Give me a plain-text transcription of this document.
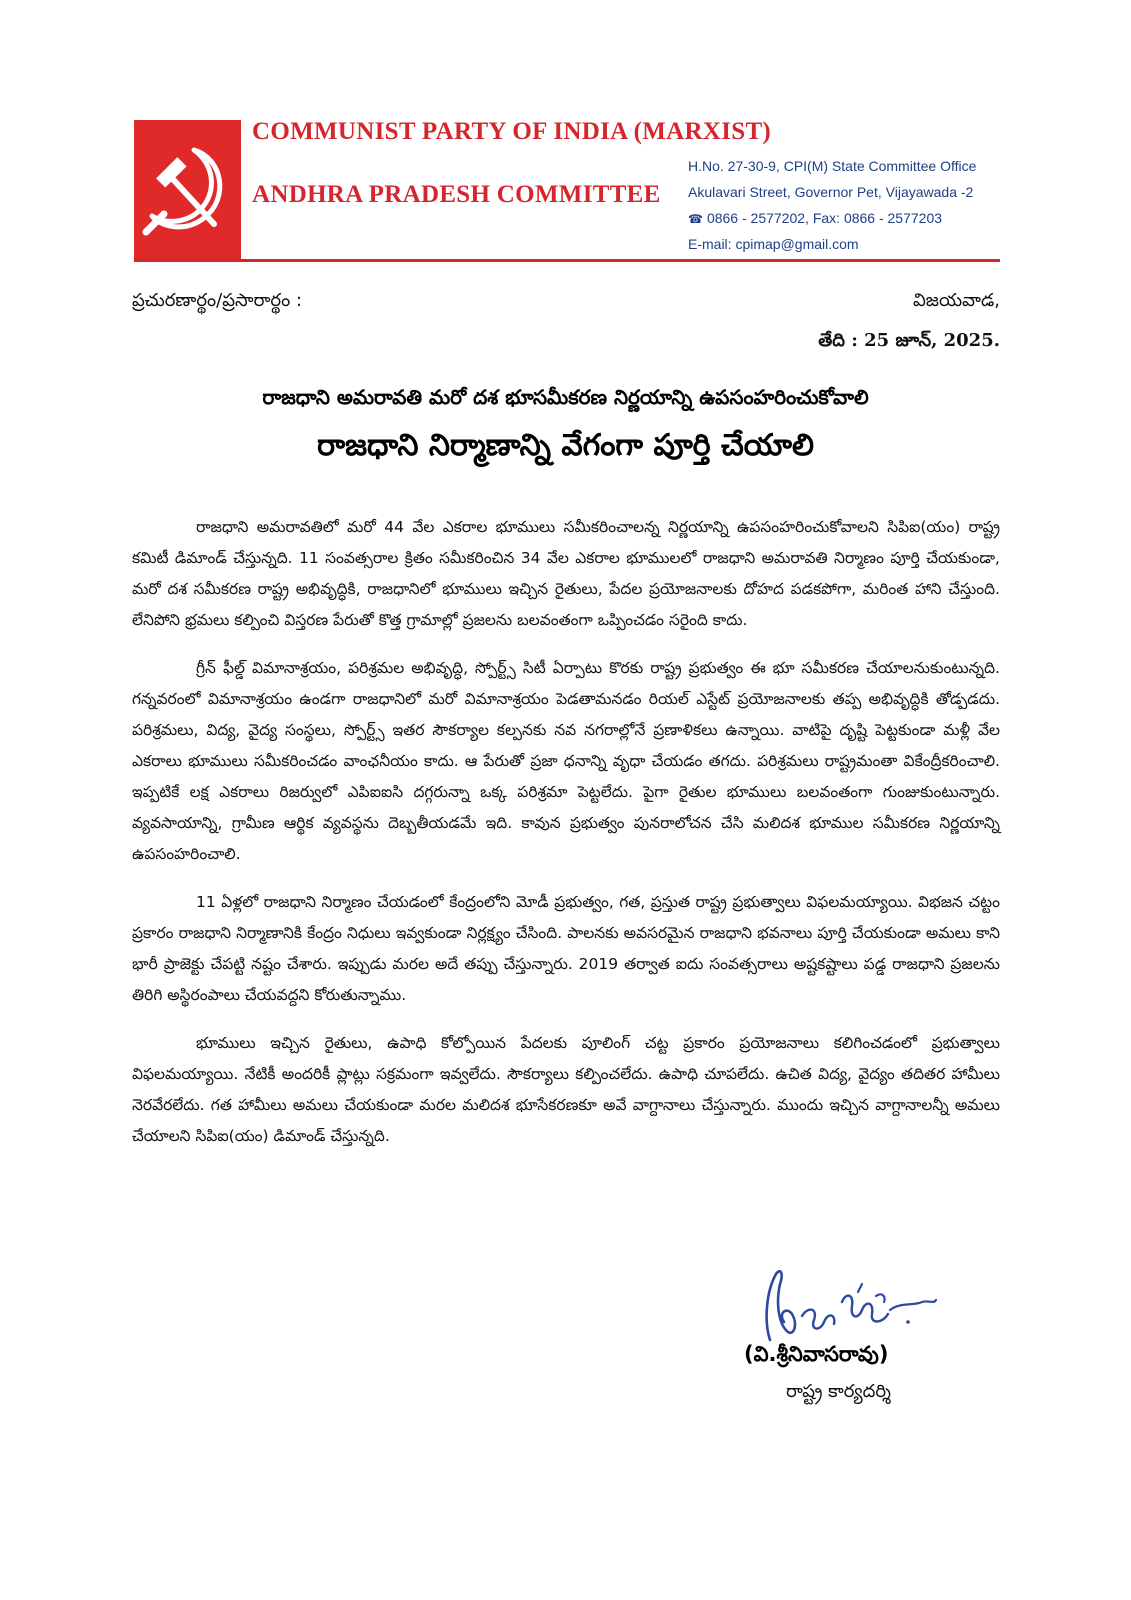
COMMUNIST PARTY OF INDIA (MARXIST)
ANDHRA PRADESH COMMITTEE
H.No. 27-30-9, CPI(M) State Committee Office
Akulavari Street, Governor Pet, Vijayawada -2
☎ 0866 - 2577202, Fax: 0866 - 2577203
E-mail: cpimap@gmail.com
ప్రచురణార్థం/ప్రసారార్థం :	విజయవాడ,
తేది : 25 జూన్, 2025.
రాజధాని అమరావతి మరో దశ భూసమీకరణ నిర్ణయాన్ని ఉపసంహరించుకోవాలి
రాజధాని నిర్మాణాన్ని వేగంగా పూర్తి చేయాలి

రాజధాని అమరావతిలో మరో 44 వేల ఎకరాల భూములు సమీకరించాలన్న నిర్ణయాన్ని ఉపసంహరించుకోవాలని సిపిఐ(యం) రాష్ట్ర కమిటీ డిమాండ్ చేస్తున్నది. 11 సంవత్సరాల క్రితం సమీకరించిన 34 వేల ఎకరాల భూములలో రాజధాని అమరావతి నిర్మాణం పూర్తి చేయకుండా, మరో దశ సమీకరణ రాష్ట్ర అభివృద్ధికి, రాజధానిలో భూములు ఇచ్చిన రైతులు, పేదల ప్రయోజనాలకు దోహద పడకపోగా, మరింత హాని చేస్తుంది. లేనిపోని భ్రమలు కల్పించి విస్తరణ పేరుతో కొత్త గ్రామాల్లో ప్రజలను బలవంతంగా ఒప్పించడం సరైంది కాదు.

గ్రీన్ ఫీల్డ్ విమానాశ్రయం, పరిశ్రమల అభివృద్ధి, స్పోర్ట్స్ సిటీ ఏర్పాటు కొరకు రాష్ట్ర ప్రభుత్వం ఈ భూ సమీకరణ చేయాలనుకుంటున్నది. గన్నవరంలో విమానాశ్రయం ఉండగా రాజధానిలో మరో విమానాశ్రయం పెడతామనడం రియల్ ఎస్టేట్ ప్రయోజనాలకు తప్ప అభివృద్ధికి తోడ్పడదు. పరిశ్రమలు, విద్య, వైద్య సంస్థలు, స్పోర్ట్స్ ఇతర సౌకర్యాల కల్పనకు నవ నగరాల్లోనే ప్రణాళికలు ఉన్నాయి. వాటిపై దృష్టి పెట్టకుండా మళ్లీ వేల ఎకరాలు భూములు సమీకరించడం వాంఛనీయం కాదు. ఆ పేరుతో ప్రజా ధనాన్ని వృధా చేయడం తగదు. పరిశ్రమలు రాష్ట్రమంతా వికేంద్రీకరించాలి. ఇప్పటికే లక్ష ఎకరాలు రిజర్వులో ఎపిఐఐసి దగ్గరున్నా ఒక్క పరిశ్రమా పెట్టలేదు. పైగా రైతుల భూములు బలవంతంగా గుంజుకుంటున్నారు. వ్యవసాయాన్ని, గ్రామీణ ఆర్థిక వ్యవస్థను దెబ్బతీయడమే ఇది. కావున ప్రభుత్వం పునరాలోచన చేసి మలిదశ భూముల సమీకరణ నిర్ణయాన్ని ఉపసంహరించాలి.

11 ఏళ్లలో రాజధాని నిర్మాణం చేయడంలో కేంద్రంలోని మోడీ ప్రభుత్వం, గత, ప్రస్తుత రాష్ట్ర ప్రభుత్వాలు విఫలమయ్యాయి. విభజన చట్టం ప్రకారం రాజధాని నిర్మాణానికి కేంద్రం నిధులు ఇవ్వకుండా నిర్లక్ష్యం చేసింది. పాలనకు అవసరమైన రాజధాని భవనాలు పూర్తి చేయకుండా అమలు కాని భారీ ప్రాజెక్టు చేపట్టి నష్టం చేశారు. ఇప్పుడు మరల అదే తప్పు చేస్తున్నారు. 2019 తర్వాత ఐదు సంవత్సరాలు అష్టకష్టాలు పడ్డ రాజధాని ప్రజలను తిరిగి అస్థిరంపాలు చేయవద్దని కోరుతున్నాము.

భూములు ఇచ్చిన రైతులు, ఉపాధి కోల్పోయిన పేదలకు పూలింగ్ చట్ట ప్రకారం ప్రయోజనాలు కలిగించడంలో ప్రభుత్వాలు విఫలమయ్యాయి. నేటికీ అందరికీ ప్లాట్లు సక్రమంగా ఇవ్వలేదు. సౌకర్యాలు కల్పించలేదు. ఉపాధి చూపలేదు. ఉచిత విద్య, వైద్యం తదితర హామీలు నెరవేరలేదు. గత హామీలు అమలు చేయకుండా మరల మలిదశ భూసేకరణకూ అవే వాగ్దానాలు చేస్తున్నారు. ముందు ఇచ్చిన వాగ్దానాలన్నీ అమలు చేయాలని సిపిఐ(యం) డిమాండ్ చేస్తున్నది.

(వి.శ్రీనివాసరావు)
రాష్ట్ర కార్యదర్శి
